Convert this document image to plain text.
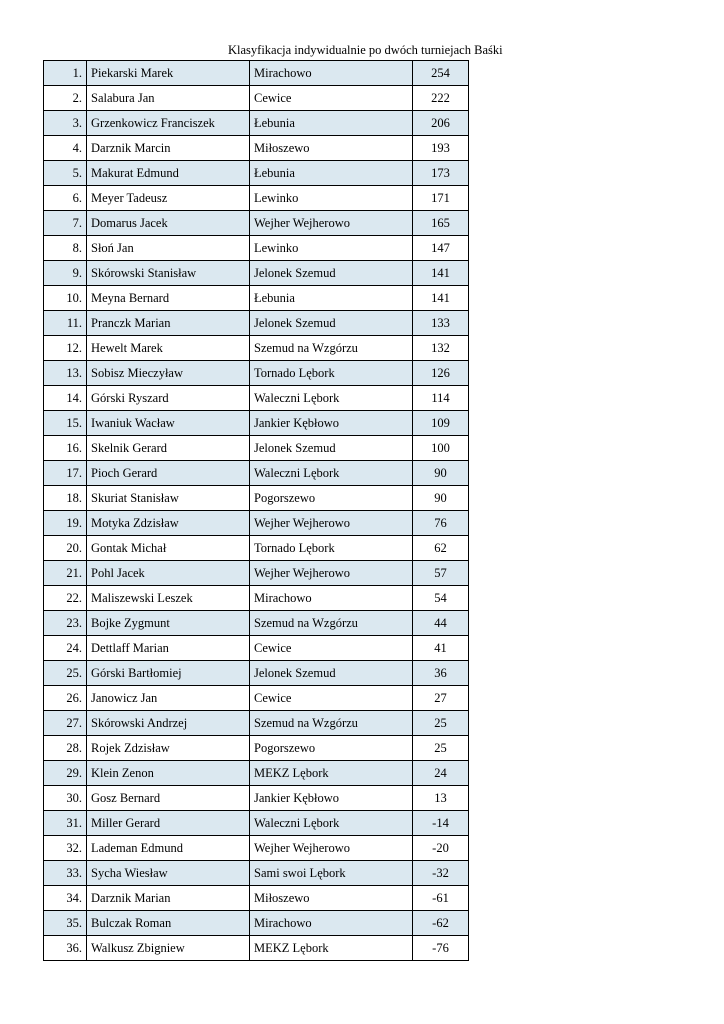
Klasyfikacja indywidualnie po dwóch turniejach Baśki
1.	Piekarski Marek	Mirachowo	254
2.	Salabura Jan	Cewice	222
3.	Grzenkowicz Franciszek	Łebunia	206
4.	Darznik Marcin	Miłoszewo	193
5.	Makurat Edmund	Łebunia	173
6.	Meyer Tadeusz	Lewinko	171
7.	Domarus Jacek	Wejher Wejherowo	165
8.	Słoń Jan	Lewinko	147
9.	Skórowski Stanisław	Jelonek Szemud	141
10.	Meyna Bernard	Łebunia	141
11.	Pranczk Marian	Jelonek Szemud	133
12.	Hewelt Marek	Szemud na Wzgórzu	132
13.	Sobisz Mieczyław	Tornado Lębork	126
14.	Górski Ryszard	Waleczni Lębork	114
15.	Iwaniuk Wacław	Jankier Kębłowo	109
16.	Skelnik Gerard	Jelonek Szemud	100
17.	Pioch Gerard	Waleczni Lębork	90
18.	Skuriat Stanisław	Pogorszewo	90
19.	Motyka Zdzisław	Wejher Wejherowo	76
20.	Gontak Michał	Tornado Lębork	62
21.	Pohl Jacek	Wejher Wejherowo	57
22.	Maliszewski Leszek	Mirachowo	54
23.	Bojke Zygmunt	Szemud na Wzgórzu	44
24.	Dettlaff Marian	Cewice	41
25.	Górski Bartłomiej	Jelonek Szemud	36
26.	Janowicz Jan	Cewice	27
27.	Skórowski Andrzej	Szemud na Wzgórzu	25
28.	Rojek Zdzisław	Pogorszewo	25
29.	Klein Zenon	MEKZ Lębork	24
30.	Gosz Bernard	Jankier Kębłowo	13
31.	Miller Gerard	Waleczni Lębork	-14
32.	Lademan Edmund	Wejher Wejherowo	-20
33.	Sycha Wiesław	Sami swoi Lębork	-32
34.	Darznik Marian	Miłoszewo	-61
35.	Bulczak Roman	Mirachowo	-62
36.	Walkusz Zbigniew	MEKZ Lębork	-76
